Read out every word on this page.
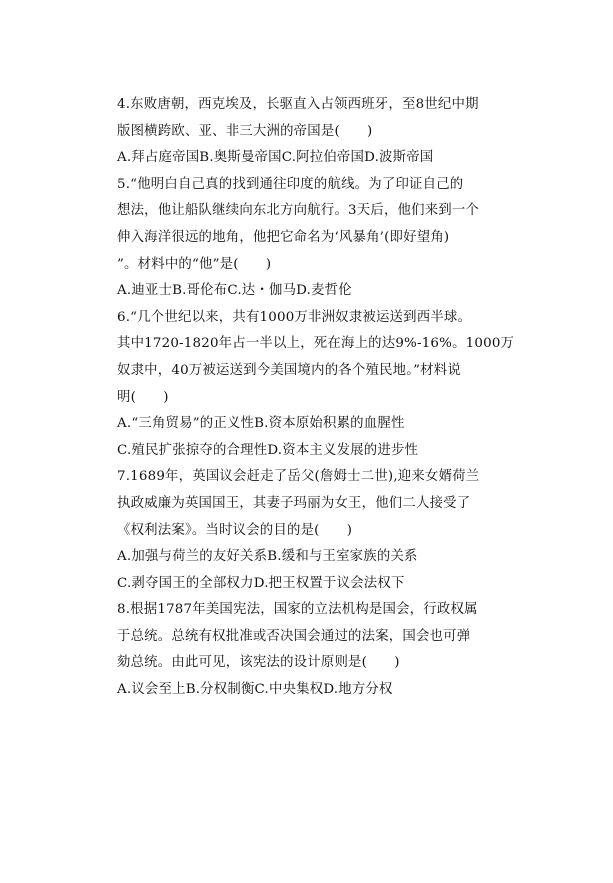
4.东败唐朝，西克埃及，长驱直入占领西班牙，至8世纪中期
版图横跨欧、亚、非三大洲的帝国是(　　)
A.拜占庭帝国B.奥斯曼帝国C.阿拉伯帝国D.波斯帝国
5.“他明白自己真的找到通往印度的航线。为了印证自己的
想法，他让船队继续向东北方向航行。3天后，他们来到一个
伸入海洋很远的地角，他把它命名为‘风暴角’(即好望角)
”。材料中的“他”是(　　)
A.迪亚士B.哥伦布C.达・伽马D.麦哲伦
6.“几个世纪以来，共有1000万非洲奴隶被运送到西半球。
其中1720-1820年占一半以上，死在海上的达9%-16%。1000万
奴隶中，40万被运送到今美国境内的各个殖民地。”材料说
明(　　)
A.“三角贸易”的正义性B.资本原始积累的血腥性
C.殖民扩张掠夺的合理性D.资本主义发展的进步性
7.1689年，英国议会赶走了岳父(詹姆士二世),迎来女婿荷兰
执政威廉为英国国王，其妻子玛丽为女王，他们二人接受了
《权利法案》。当时议会的目的是(　　)
A.加强与荷兰的友好关系B.缓和与王室家族的关系
C.剥夺国王的全部权力D.把王权置于议会法权下
8.根据1787年美国宪法，国家的立法机构是国会，行政权属
于总统。总统有权批准或否决国会通过的法案，国会也可弹
劾总统。由此可见，该宪法的设计原则是(　　)
A.议会至上B.分权制衡C.中央集权D.地方分权
